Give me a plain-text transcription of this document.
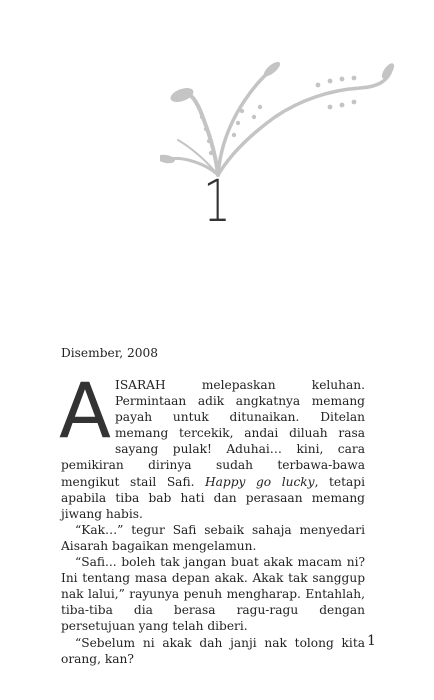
1
Disember, 2008

AISARAH melepaskan keluhan. Permintaan adik angkatnya memang payah untuk ditunaikan. Ditelan memang tercekik, andai diluah rasa sayang pulak! Aduhai… kini, cara pemikiran dirinya sudah terbawa-bawa mengikut stail Safi. Happy go lucky, tetapi apabila tiba bab hati dan perasaan memang jiwang habis.

“Kak…” tegur Safi sebaik sahaja menyedari Aisarah bagaikan mengelamun.

“Safi... boleh tak jangan buat akak macam ni? Ini tentang masa depan akak. Akak tak sanggup nak lalui,” rayunya penuh mengharap. Entahlah, tiba-tiba dia berasa ragu-ragu dengan persetujuan yang telah diberi.

“Sebelum ni akak dah janji nak tolong kita orang, kan?

1
